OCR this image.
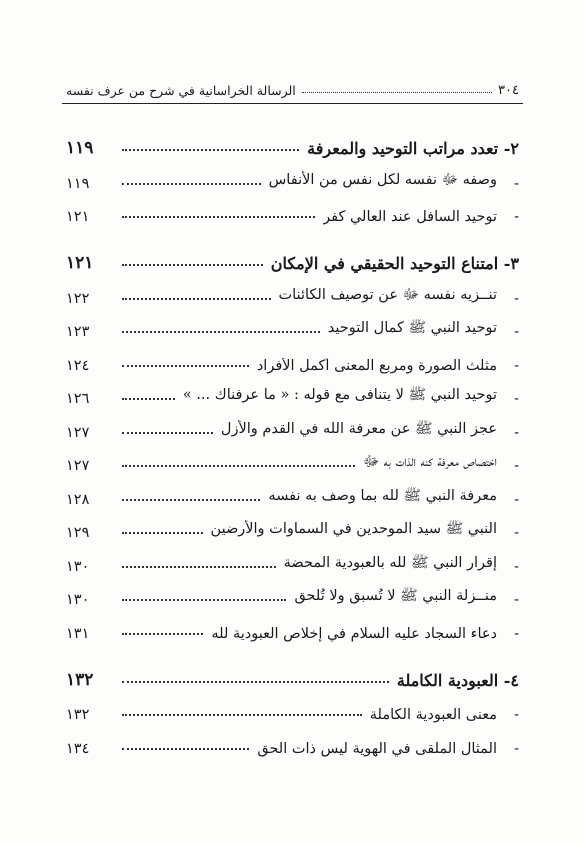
٣٠٤
الرسالة الخراسانية في شرح من عرف نفسه
٢- تعدد مراتب التوحيد والمعرفة
١١٩
-
وصفه ﷻ نفسه لكل نفس من الأنفاس
١١٩
-
توحيد السافل عند العالي كفر
١٢١
٣- امتناع التوحيد الحقيقي في الإمكان
١٢١
-
تنــزيه نفسه ﷻ عن توصيف الكائنات
١٢٢
-
توحيد النبي ﷺ كمال التوحيد
١٢٣
-
مثلث الصورة ومربع المعنى أكمل الأفراد
١٢٤
-
توحيد النبي ﷺ لا يتنافى مع قوله : « ما عرفناك ... »
١٢٦
-
عجز النبي ﷺ عن معرفة الله في القدم والأزل
١٢٧
-
اختصاص معرفة كنه الذات به ﷻ
١٢٧
-
معرفة النبي ﷺ لله بما وصف به نفسه
١٢٨
-
النبي ﷺ سيد الموحدين في السماوات والأرضين
١٢٩
-
إقرار النبي ﷺ لله بالعبودية المحضة
١٣٠
-
منــزلة النبي ﷺ لا تُسبق ولا تُلحق
١٣٠
-
دعاء السجاد عليه السلام في إخلاص العبودية لله
١٣١
٤- العبودية الكاملة
١٣٢
-
معنى العبودية الكاملة
١٣٢
-
المثال الملقى في الهوية ليس ذات الحق
١٣٤
